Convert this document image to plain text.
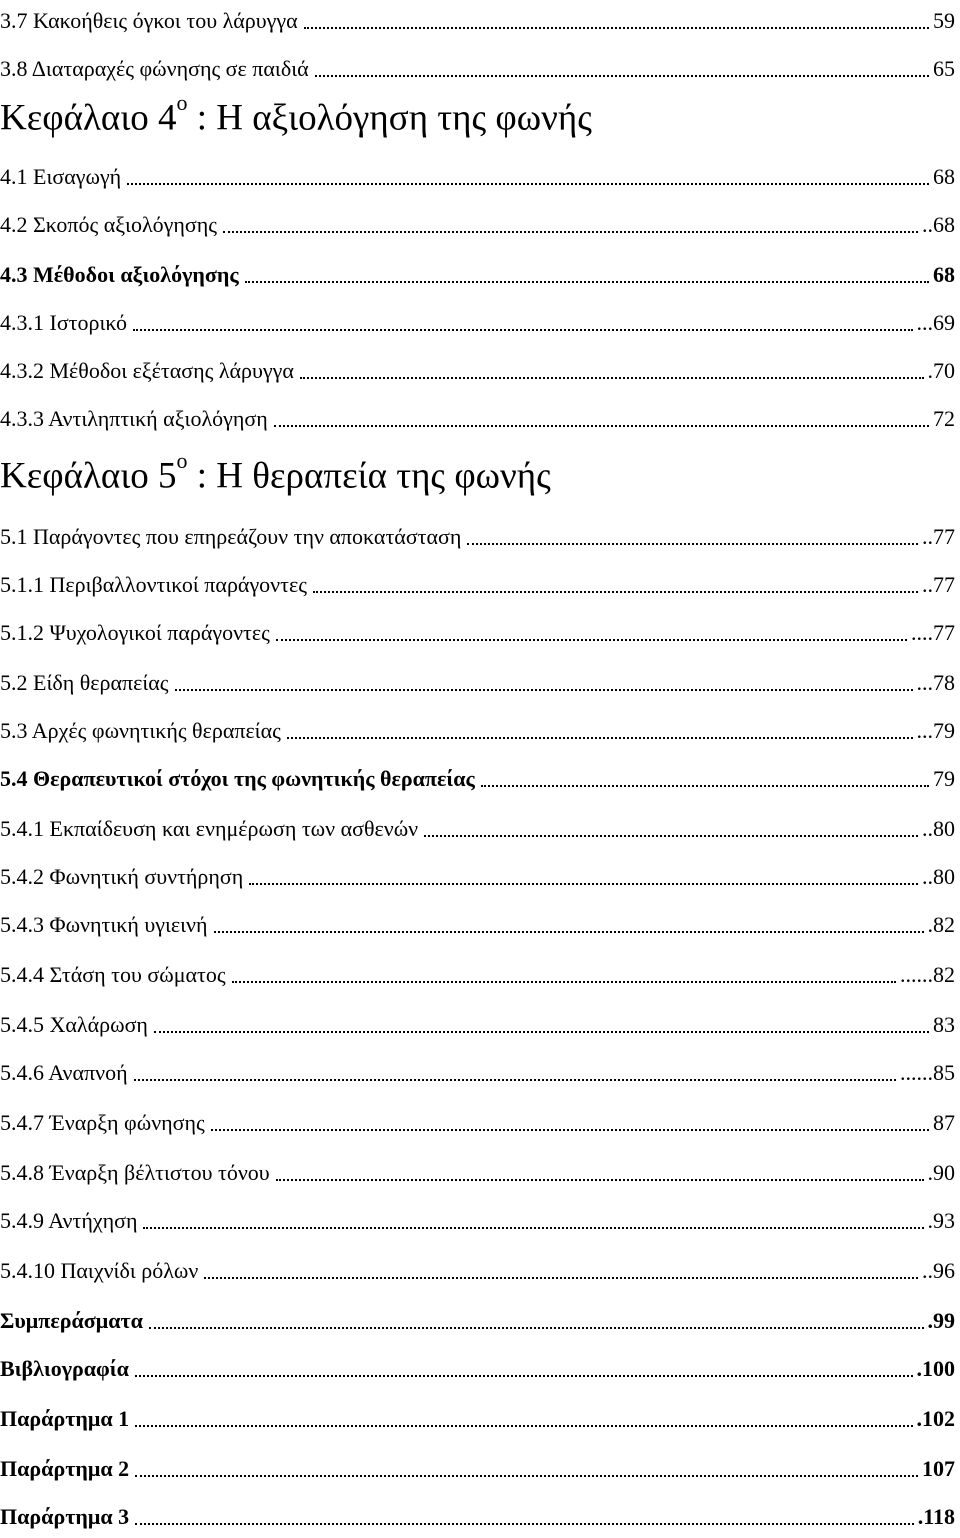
3.7 Κακοήθεις όγκοι του λάρυγγα	59
3.8 Διαταραχές φώνησης σε παιδιά	65
Κεφάλαιο $4^o$ : Η αξιολόγηση της φωνής
4.1 Εισαγωγή	68
4.2 Σκοπός αξιολόγησης	..68
4.3 Μέθοδοι αξιολόγησης	68
4.3.1 Ιστορικό	...69
4.3.2 Μέθοδοι εξέτασης λάρυγγα	.70
4.3.3 Αντιληπτική αξιολόγηση	72
Κεφάλαιο $5^o$ : Η θεραπεία της φωνής
5.1 Παράγοντες που επηρεάζουν την αποκατάσταση	..77
5.1.1 Περιβαλλοντικοί παράγοντες	..77
5.1.2 Ψυχολογικοί παράγοντες	....77
5.2 Είδη θεραπείας	...78
5.3 Αρχές φωνητικής θεραπείας	...79
5.4 Θεραπευτικοί στόχοι της φωνητικής θεραπείας	79
5.4.1 Εκπαίδευση και ενημέρωση των ασθενών	..80
5.4.2 Φωνητική συντήρηση	..80
5.4.3 Φωνητική υγιεινή	.82
5.4.4 Στάση του σώματος	......82
5.4.5 Χαλάρωση	83
5.4.6 Αναπνοή	......85
5.4.7 Έναρξη φώνησης	87
5.4.8 Έναρξη βέλτιστου τόνου	.90
5.4.9 Αντήχηση	.93
5.4.10 Παιχνίδι ρόλων	..96
Συμπεράσματα	.99
Βιβλιογραφία	.100
Παράρτημα 1	.102
Παράρτημα 2	107
Παράρτημα 3	.118
